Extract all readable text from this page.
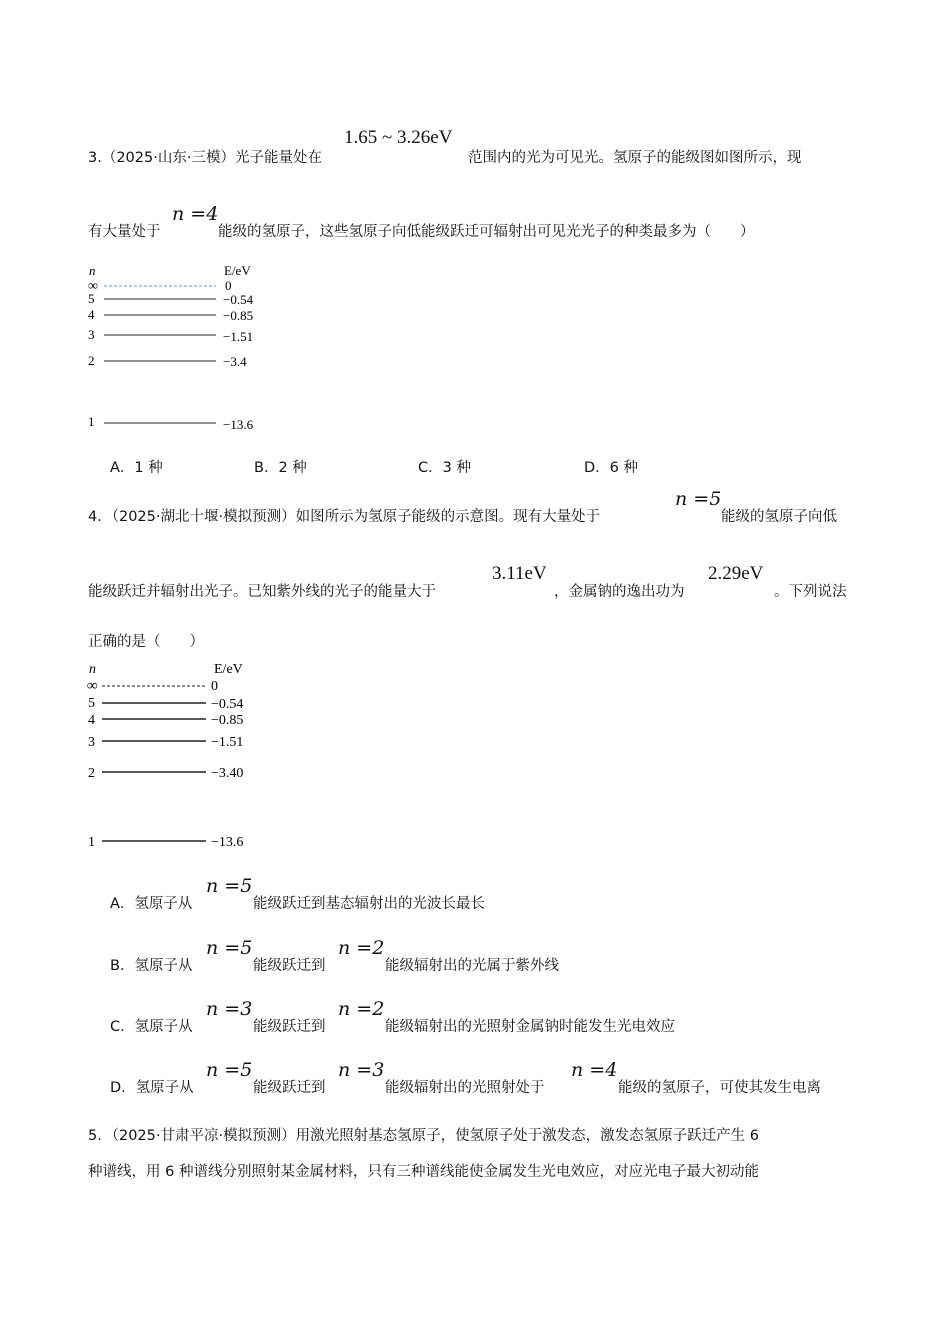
3.（2025·山东·三模）光子能量处在
1.65 ~ 3.26eV
范围内的光为可见光。氢原子的能级图如图所示，现
有大量处于
n =4
能级的氢原子，这些氢原子向低能级跃迁可辐射出可见光光子的种类最多为（　　）
n	E/eV
∞	0
5	−0.54
4	−0.85
3	−1.51
2	−3.4
1	−13.6
A．1 种	B．2 种	C．3 种	D．6 种
4．（2025·湖北十堰·模拟预测）如图所示为氢原子能级的示意图。现有大量处于
n =5
能级的氢原子向低
能级跃迁并辐射出光子。已知紫外线的光子的能量大于
3.11eV
，金属钠的逸出功为
2.29eV
。下列说法
正确的是（　　）
n	E/eV
∞	0
5	−0.54
4	−0.85
3	−1.51
2	−3.40
1	−13.6
A．氢原子从
n =5
能级跃迁到基态辐射出的光波长最长
B．氢原子从
n =5
能级跃迁到
n =2
能级辐射出的光属于紫外线
C．氢原子从
n =3
能级跃迁到
n =2
能级辐射出的光照射金属钠时能发生光电效应
D．氢原子从
n =5
能级跃迁到
n =3
能级辐射出的光照射处于
n =4
能级的氢原子，可使其发生电离
5．（2025·甘肃平凉·模拟预测）用激光照射基态氢原子，使氢原子处于激发态，激发态氢原子跃迁产生 6
种谱线，用 6 种谱线分别照射某金属材料，只有三种谱线能使金属发生光电效应，对应光电子最大初动能
